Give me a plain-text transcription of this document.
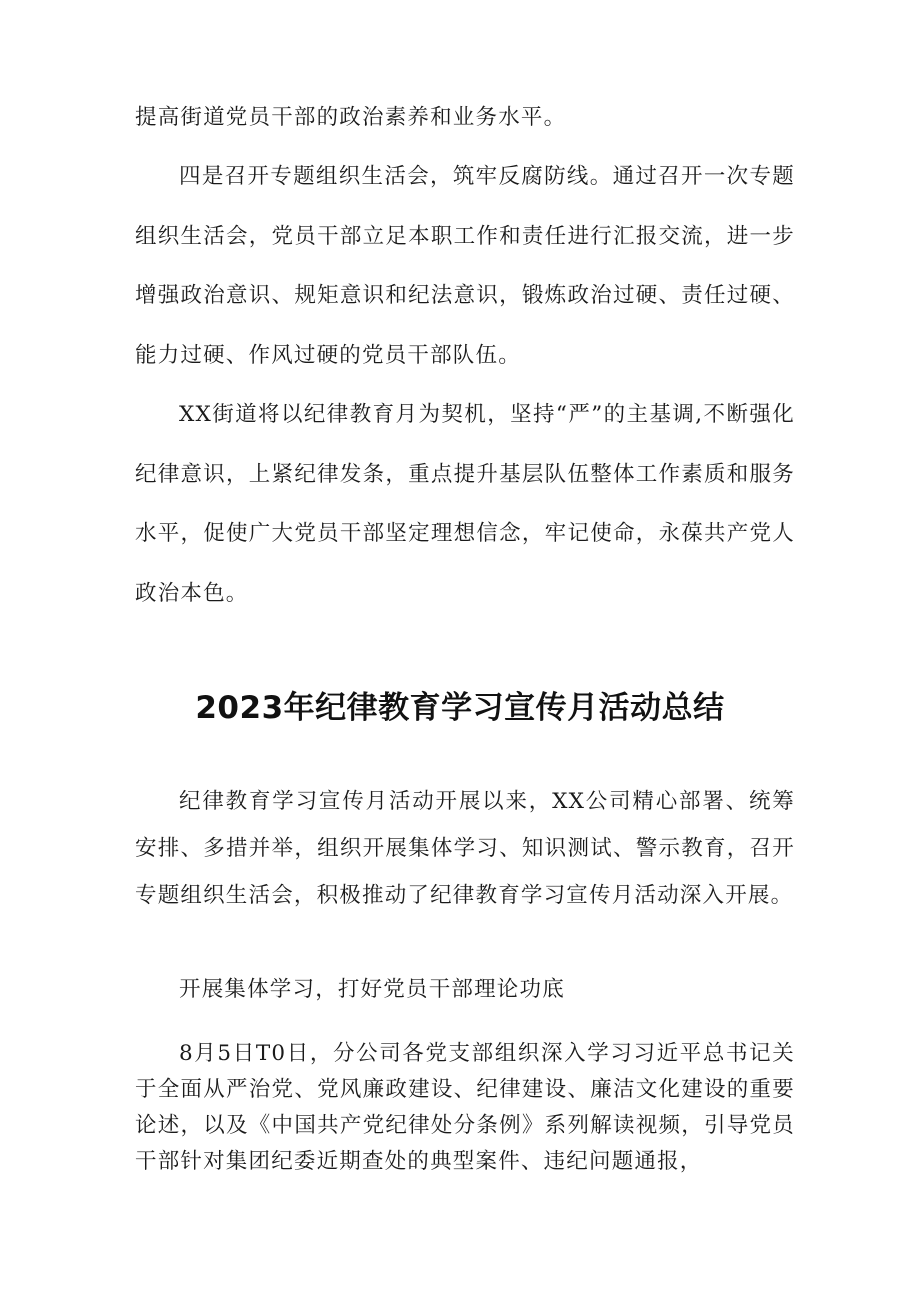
提高街道党员干部的政治素养和业务水平。

四是召开专题组织生活会，筑牢反腐防线。通过召开一次专题组织生活会，党员干部立足本职工作和责任进行汇报交流，进一步增强政治意识、规矩意识和纪法意识，锻炼政治过硬、责任过硬、能力过硬、作风过硬的党员干部队伍。

XX街道将以纪律教育月为契机，坚持“严”的主基调,不断强化纪律意识，上紧纪律发条，重点提升基层队伍整体工作素质和服务水平，促使广大党员干部坚定理想信念，牢记使命，永葆共产党人政治本色。

2023年纪律教育学习宣传月活动总结

纪律教育学习宣传月活动开展以来，XX公司精心部署、统筹安排、多措并举，组织开展集体学习、知识测试、警示教育，召开专题组织生活会，积极推动了纪律教育学习宣传月活动深入开展。

开展集体学习，打好党员干部理论功底

8月5日T0日，分公司各党支部组织深入学习习近平总书记关于全面从严治党、党风廉政建设、纪律建设、廉洁文化建设的重要论述，以及《中国共产党纪律处分条例》系列解读视频，引导党员干部针对集团纪委近期查处的典型案件、违纪问题通报，
